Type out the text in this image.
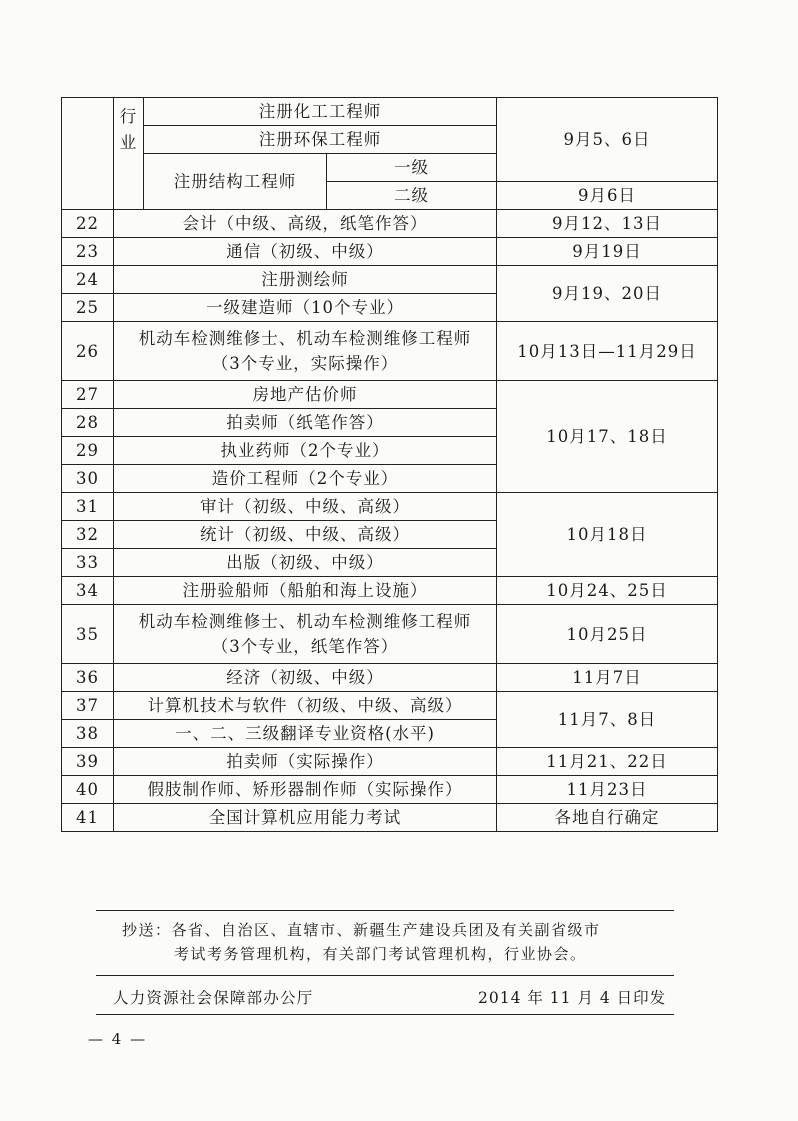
	行
业	注册化工工程师		9月5、6日
		注册环保工程师		
		注册结构工程师	一级	
			二级	9月6日
22	会计（中级、高级，纸笔作答）			9月12、13日
23	通信（初级、中级）			9月19日
24	注册测绘师			9月19、20日
25	一级建造师（10个专业）			
26	机动车检测维修士、机动车检测维修工程师
（3个专业，实际操作）			10月13日—11月29日
27	房地产估价师			10月17、18日
28	拍卖师（纸笔作答）			
29	执业药师（2个专业）			
30	造价工程师（2个专业）			
31	审计（初级、中级、高级）			10月18日
32	统计（初级、中级、高级）			
33	出版（初级、中级）			
34	注册验船师（船舶和海上设施）			10月24、25日
35	机动车检测维修士、机动车检测维修工程师
（3个专业，纸笔作答）			10月25日
36	经济（初级、中级）			11月7日
37	计算机技术与软件（初级、中级、高级）			11月7、8日
38	一、二、三级翻译专业资格(水平)			
39	拍卖师（实际操作）			11月21、22日
40	假肢制作师、矫形器制作师（实际操作）			11月23日
41	全国计算机应用能力考试			各地自行确定
抄送：各省、自治区、直辖市、新疆生产建设兵团及有关副省级市
考试考务管理机构，有关部门考试管理机构，行业协会。
人力资源社会保障部办公厅	2014 年 11 月 4 日印发
— 4 —
